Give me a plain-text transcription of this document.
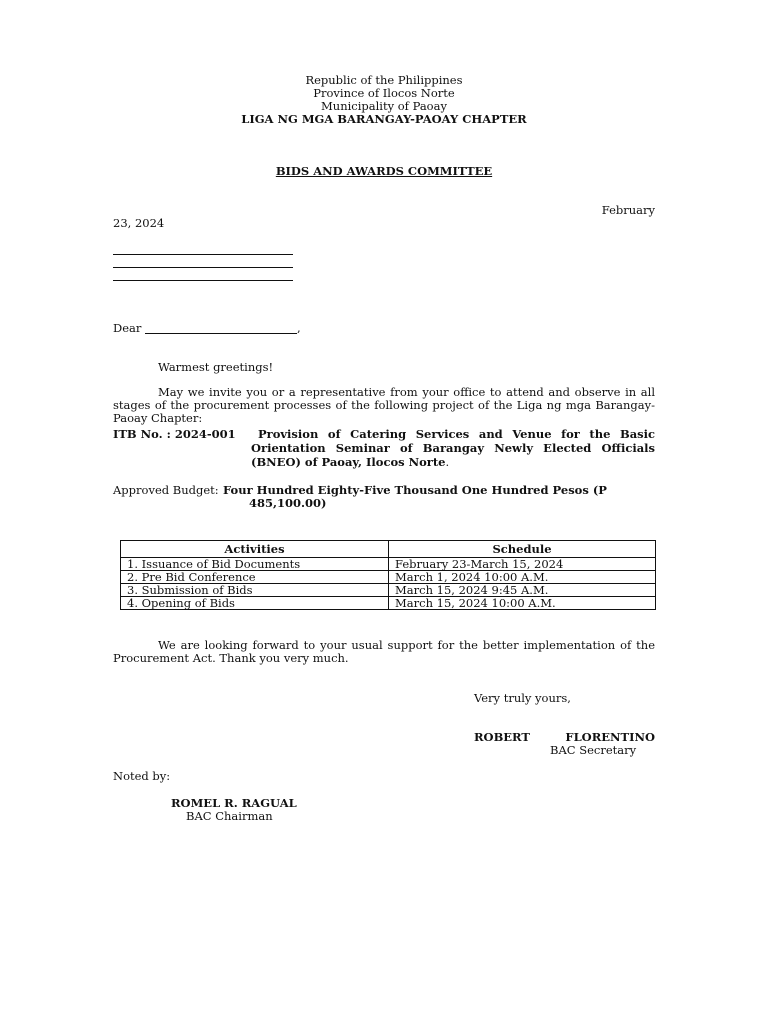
Republic of the Philippines
Province of Ilocos Norte
Municipality of Paoay
LIGA NG MGA BARANGAY-PAOAY CHAPTER
BIDS AND AWARDS COMMITTEE
February
23, 2024
Dear	,
Warmest greetings!
May we invite you or a representative from your office to attend and observe in all stages of the procurement processes of the following project of the Liga ng mga Barangay-Paoay Chapter:
ITB No. : 2024-001 Provision of Catering Services and Venue for the Basic
Orientation Seminar of Barangay Newly Elected Officials
(BNEO) of Paoay, Ilocos Norte.
Approved Budget: Four Hundred Eighty-Five Thousand One Hundred Pesos (P
485,100.00)
Activities	Schedule
1. Issuance of Bid Documents	February 23-March 15, 2024
2. Pre Bid Conference	March 1, 2024 10:00 A.M.
3. Submission of Bids	March 15, 2024 9:45 A.M.
4. Opening of Bids	March 15, 2024 10:00 A.M.
We are looking forward to your usual support for the better implementation of the Procurement Act. Thank you very much.
Very truly yours,
ROBERT	FLORENTINO
BAC Secretary
Noted by:
ROMEL R. RAGUAL
BAC Chairman
